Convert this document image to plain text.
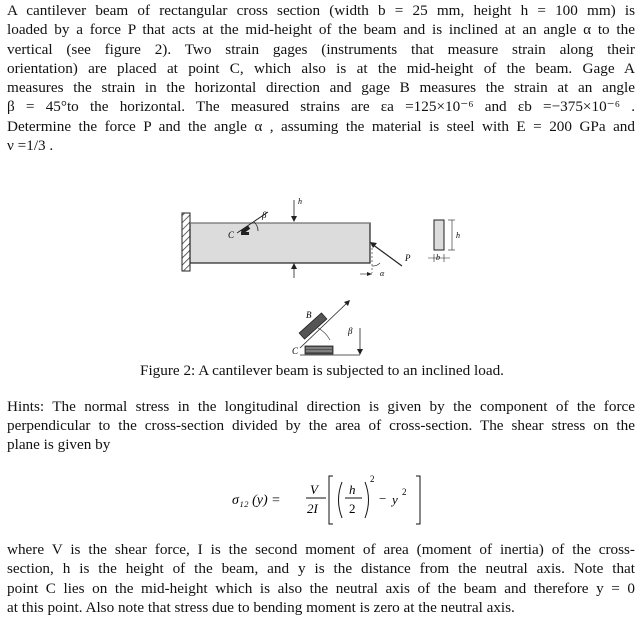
A cantilever beam of rectangular cross section (width b = 25 mm, height h = 100 mm) is
loaded by a force P that acts at the mid-height of the beam and is inclined at an angle α to the
vertical (see figure 2). Two strain gages (instruments that measure strain along their
orientation) are placed at point C, which also is at the mid-height of the beam. Gage A
measures the strain in the horizontal direction and gage B measures the strain at an angle
β = 45°to the horizontal. The measured strains are εa =125×10⁻⁶ and εb =−375×10⁻⁶ .
Determine the force P and the angle α , assuming the material is steel with E = 200 GPa and
ν =1/3 .
β
C
h
P
α
h
b
B
β
C
Figure 2: A cantilever beam is subjected to an inclined load.
Hints: The normal stress in the longitudinal direction is given by the component of the force
perpendicular to the cross-section divided by the area of cross-section. The shear stress on the
plane is given by
σ₁₂ (y) =
V
2I
h
2
2
− y 2
where V is the shear force, I is the second moment of area (moment of inertia) of the cross-
section, h is the height of the beam, and y is the distance from the neutral axis. Note that
point C lies on the mid-height which is also the neutral axis of the beam and therefore y = 0
at this point. Also note that stress due to bending moment is zero at the neutral axis.
